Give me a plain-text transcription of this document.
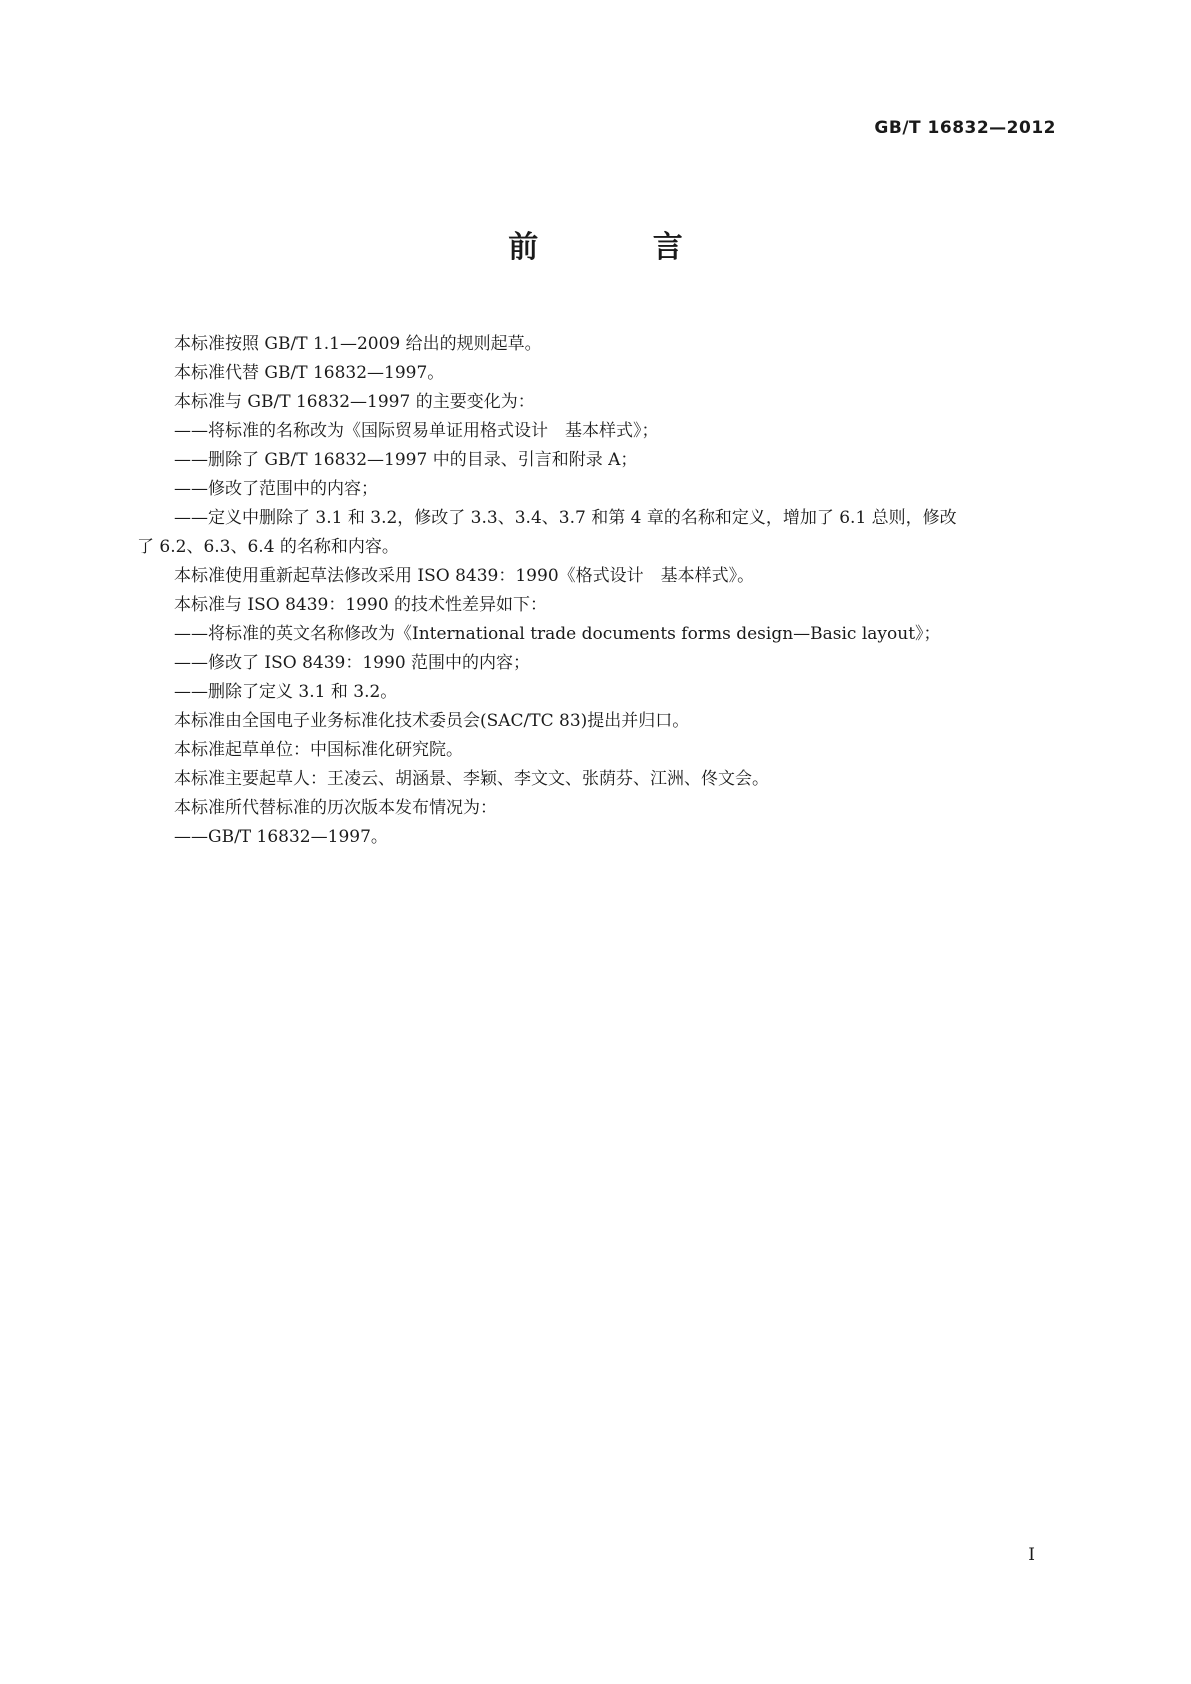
GB/T 16832—2012
前 言

本标准按照 GB/T 1.1—2009 给出的规则起草。

本标准代替 GB/T 16832—1997。

本标准与 GB/T 16832—1997 的主要变化为：

——将标准的名称改为《国际贸易单证用格式设计　基本样式》；

——删除了 GB/T 16832—1997 中的目录、引言和附录 A；

——修改了范围中的内容；

——定义中删除了 3.1 和 3.2，修改了 3.3、3.4、3.7 和第 4 章的名称和定义，增加了 6.1 总则，修改

了 6.2、6.3、6.4 的名称和内容。

本标准使用重新起草法修改采用 ISO 8439：1990《格式设计　基本样式》。

本标准与 ISO 8439：1990 的技术性差异如下：

——将标准的英文名称修改为《International trade documents forms design—Basic layout》；

——修改了 ISO 8439：1990 范围中的内容；

——删除了定义 3.1 和 3.2。

本标准由全国电子业务标准化技术委员会(SAC/TC 83)提出并归口。

本标准起草单位：中国标准化研究院。

本标准主要起草人：王凌云、胡涵景、李颖、李文文、张荫芬、江洲、佟文会。

本标准所代替标准的历次版本发布情况为：

——GB/T 16832—1997。

I
